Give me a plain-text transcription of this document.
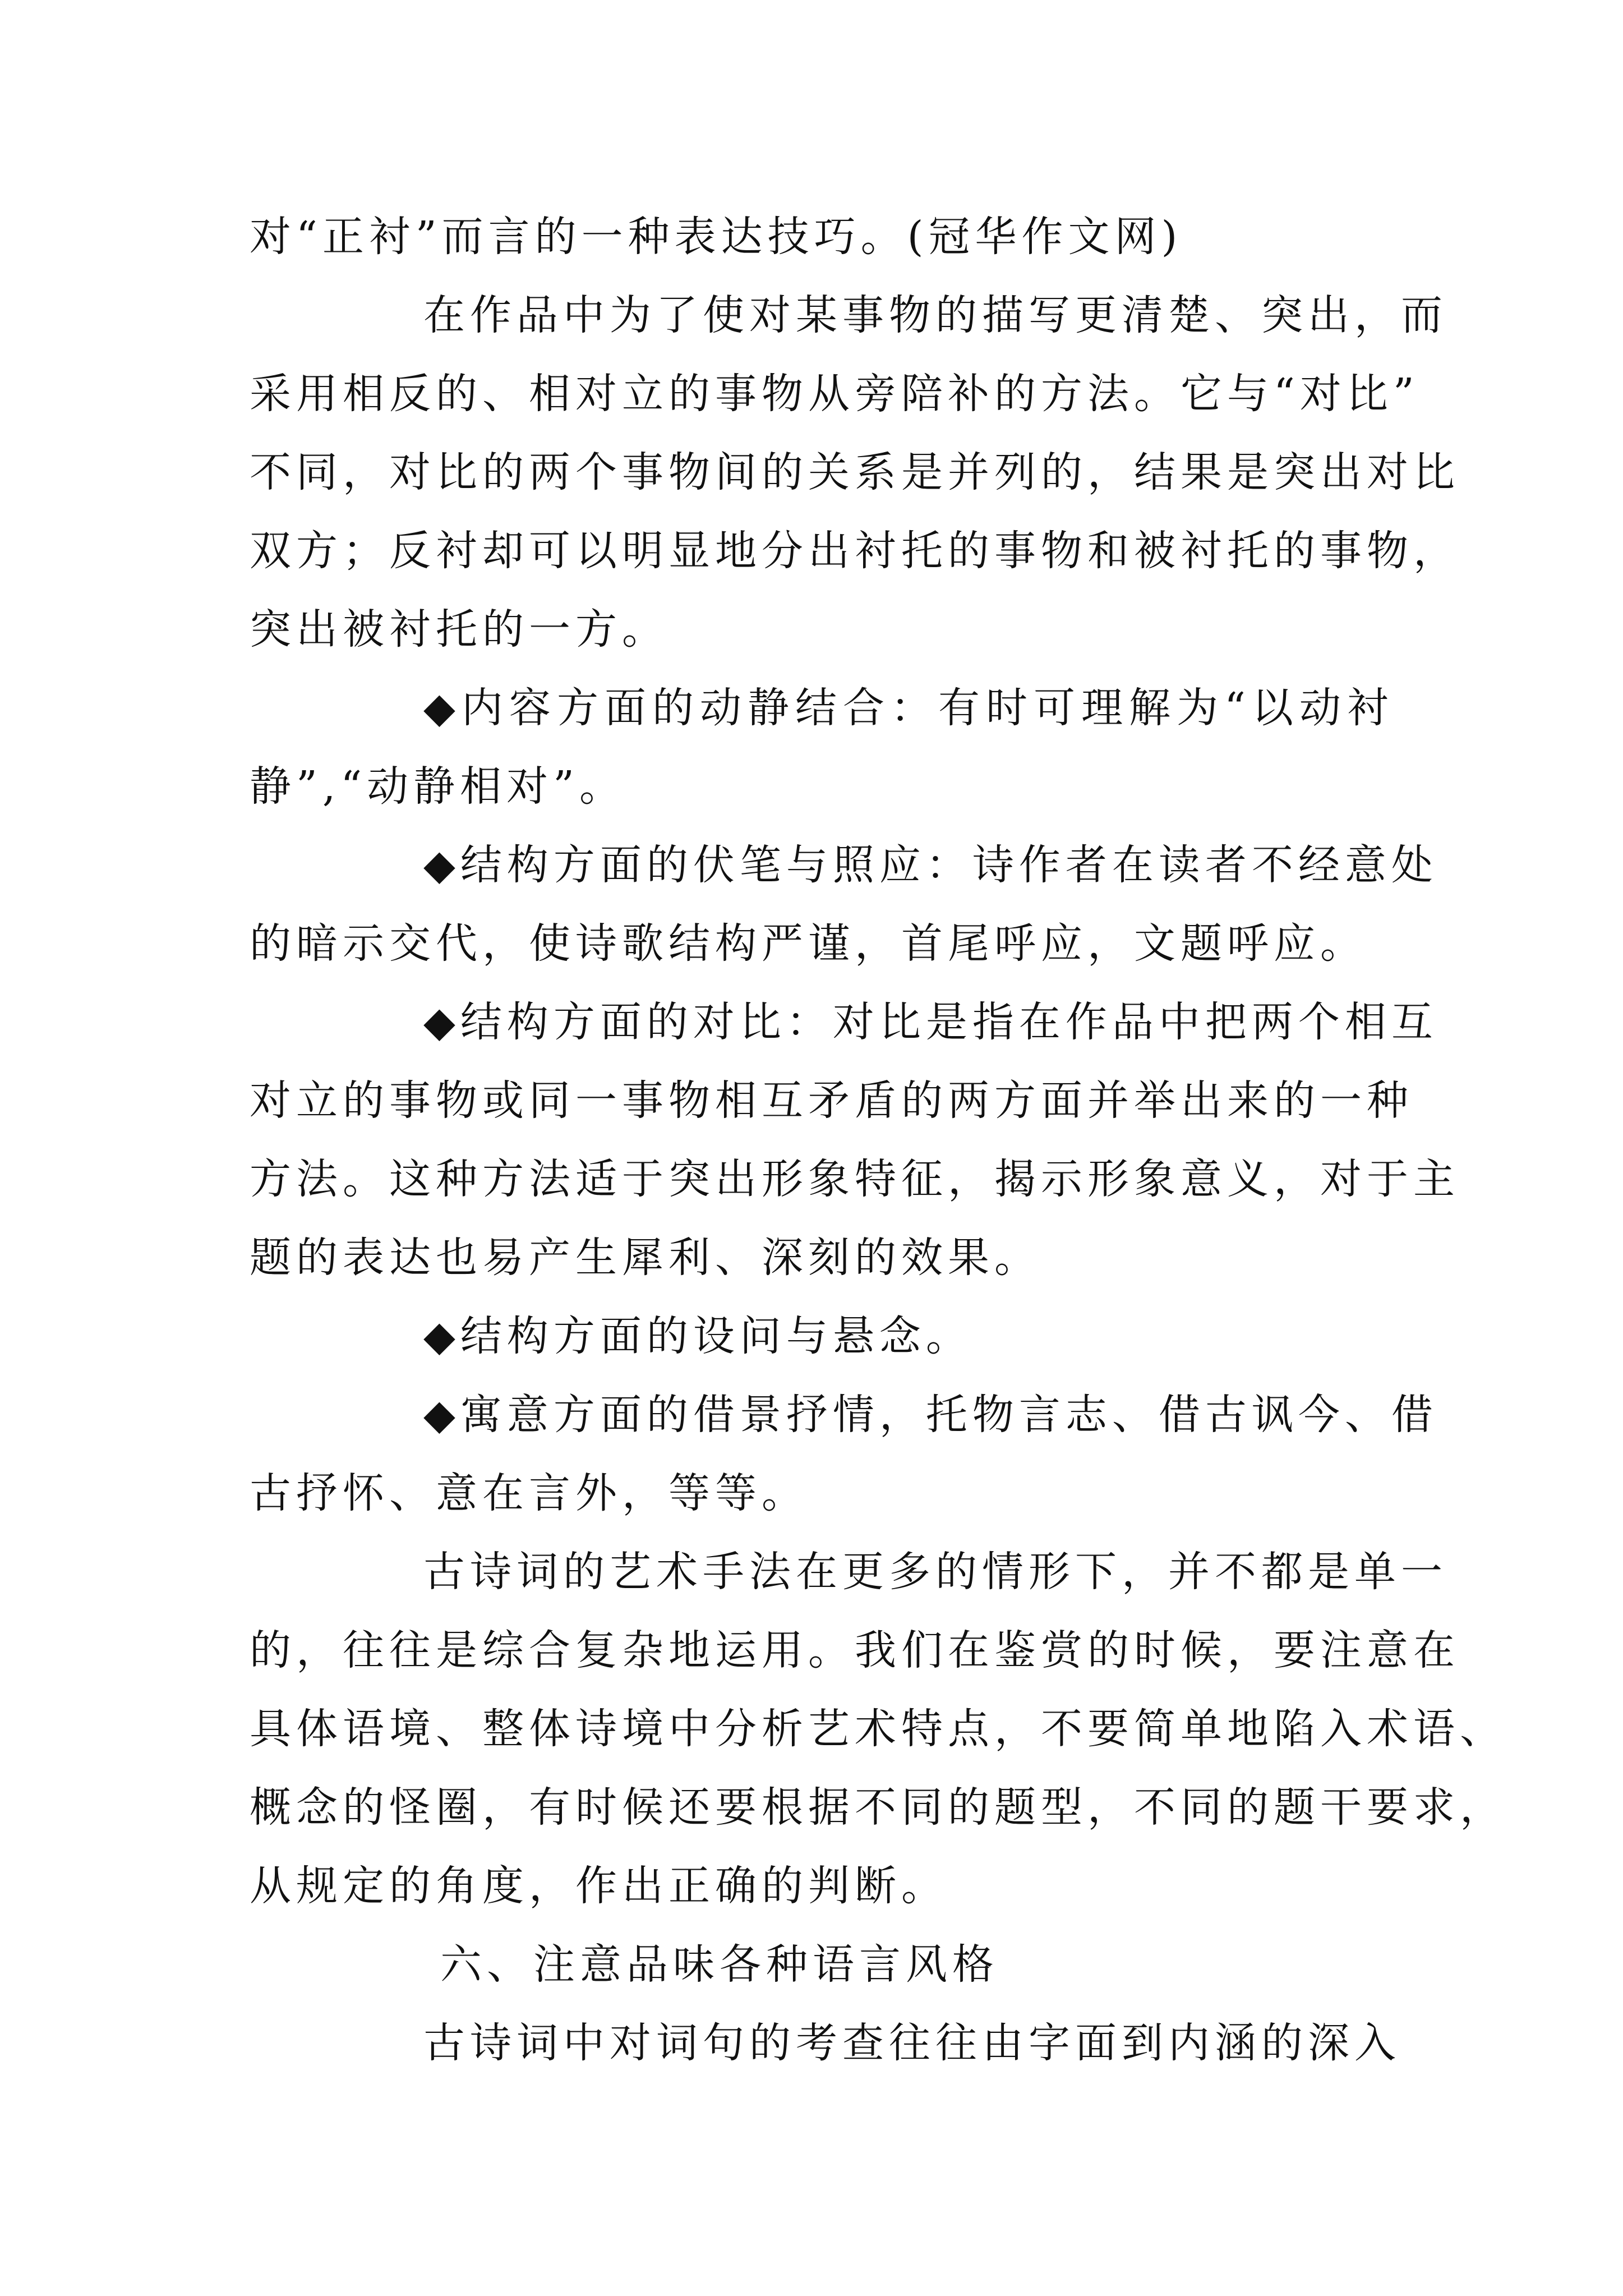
对“正衬”而言的一种表达技巧。(冠华作文网)
在作品中为了使对某事物的描写更清楚、突出，而
采用相反的、相对立的事物从旁陪补的方法。它与“对比”
不同，对比的两个事物间的关系是并列的，结果是突出对比
双方；反衬却可以明显地分出衬托的事物和被衬托的事物，
突出被衬托的一方。
◆内容方面的动静结合：有时可理解为“以动衬
静”,“动静相对”。
◆结构方面的伏笔与照应：诗作者在读者不经意处
的暗示交代，使诗歌结构严谨，首尾呼应，文题呼应。
◆结构方面的对比：对比是指在作品中把两个相互
对立的事物或同一事物相互矛盾的两方面并举出来的一种
方法。这种方法适于突出形象特征，揭示形象意义，对于主
题的表达也易产生犀利、深刻的效果。
◆结构方面的设问与悬念。
◆寓意方面的借景抒情，托物言志、借古讽今、借
古抒怀、意在言外，等等。
古诗词的艺术手法在更多的情形下，并不都是单一
的，往往是综合复杂地运用。我们在鉴赏的时候，要注意在
具体语境、整体诗境中分析艺术特点，不要简单地陷入术语、
概念的怪圈，有时候还要根据不同的题型，不同的题干要求，
从规定的角度，作出正确的判断。
六、注意品味各种语言风格
古诗词中对词句的考查往往由字面到内涵的深入
